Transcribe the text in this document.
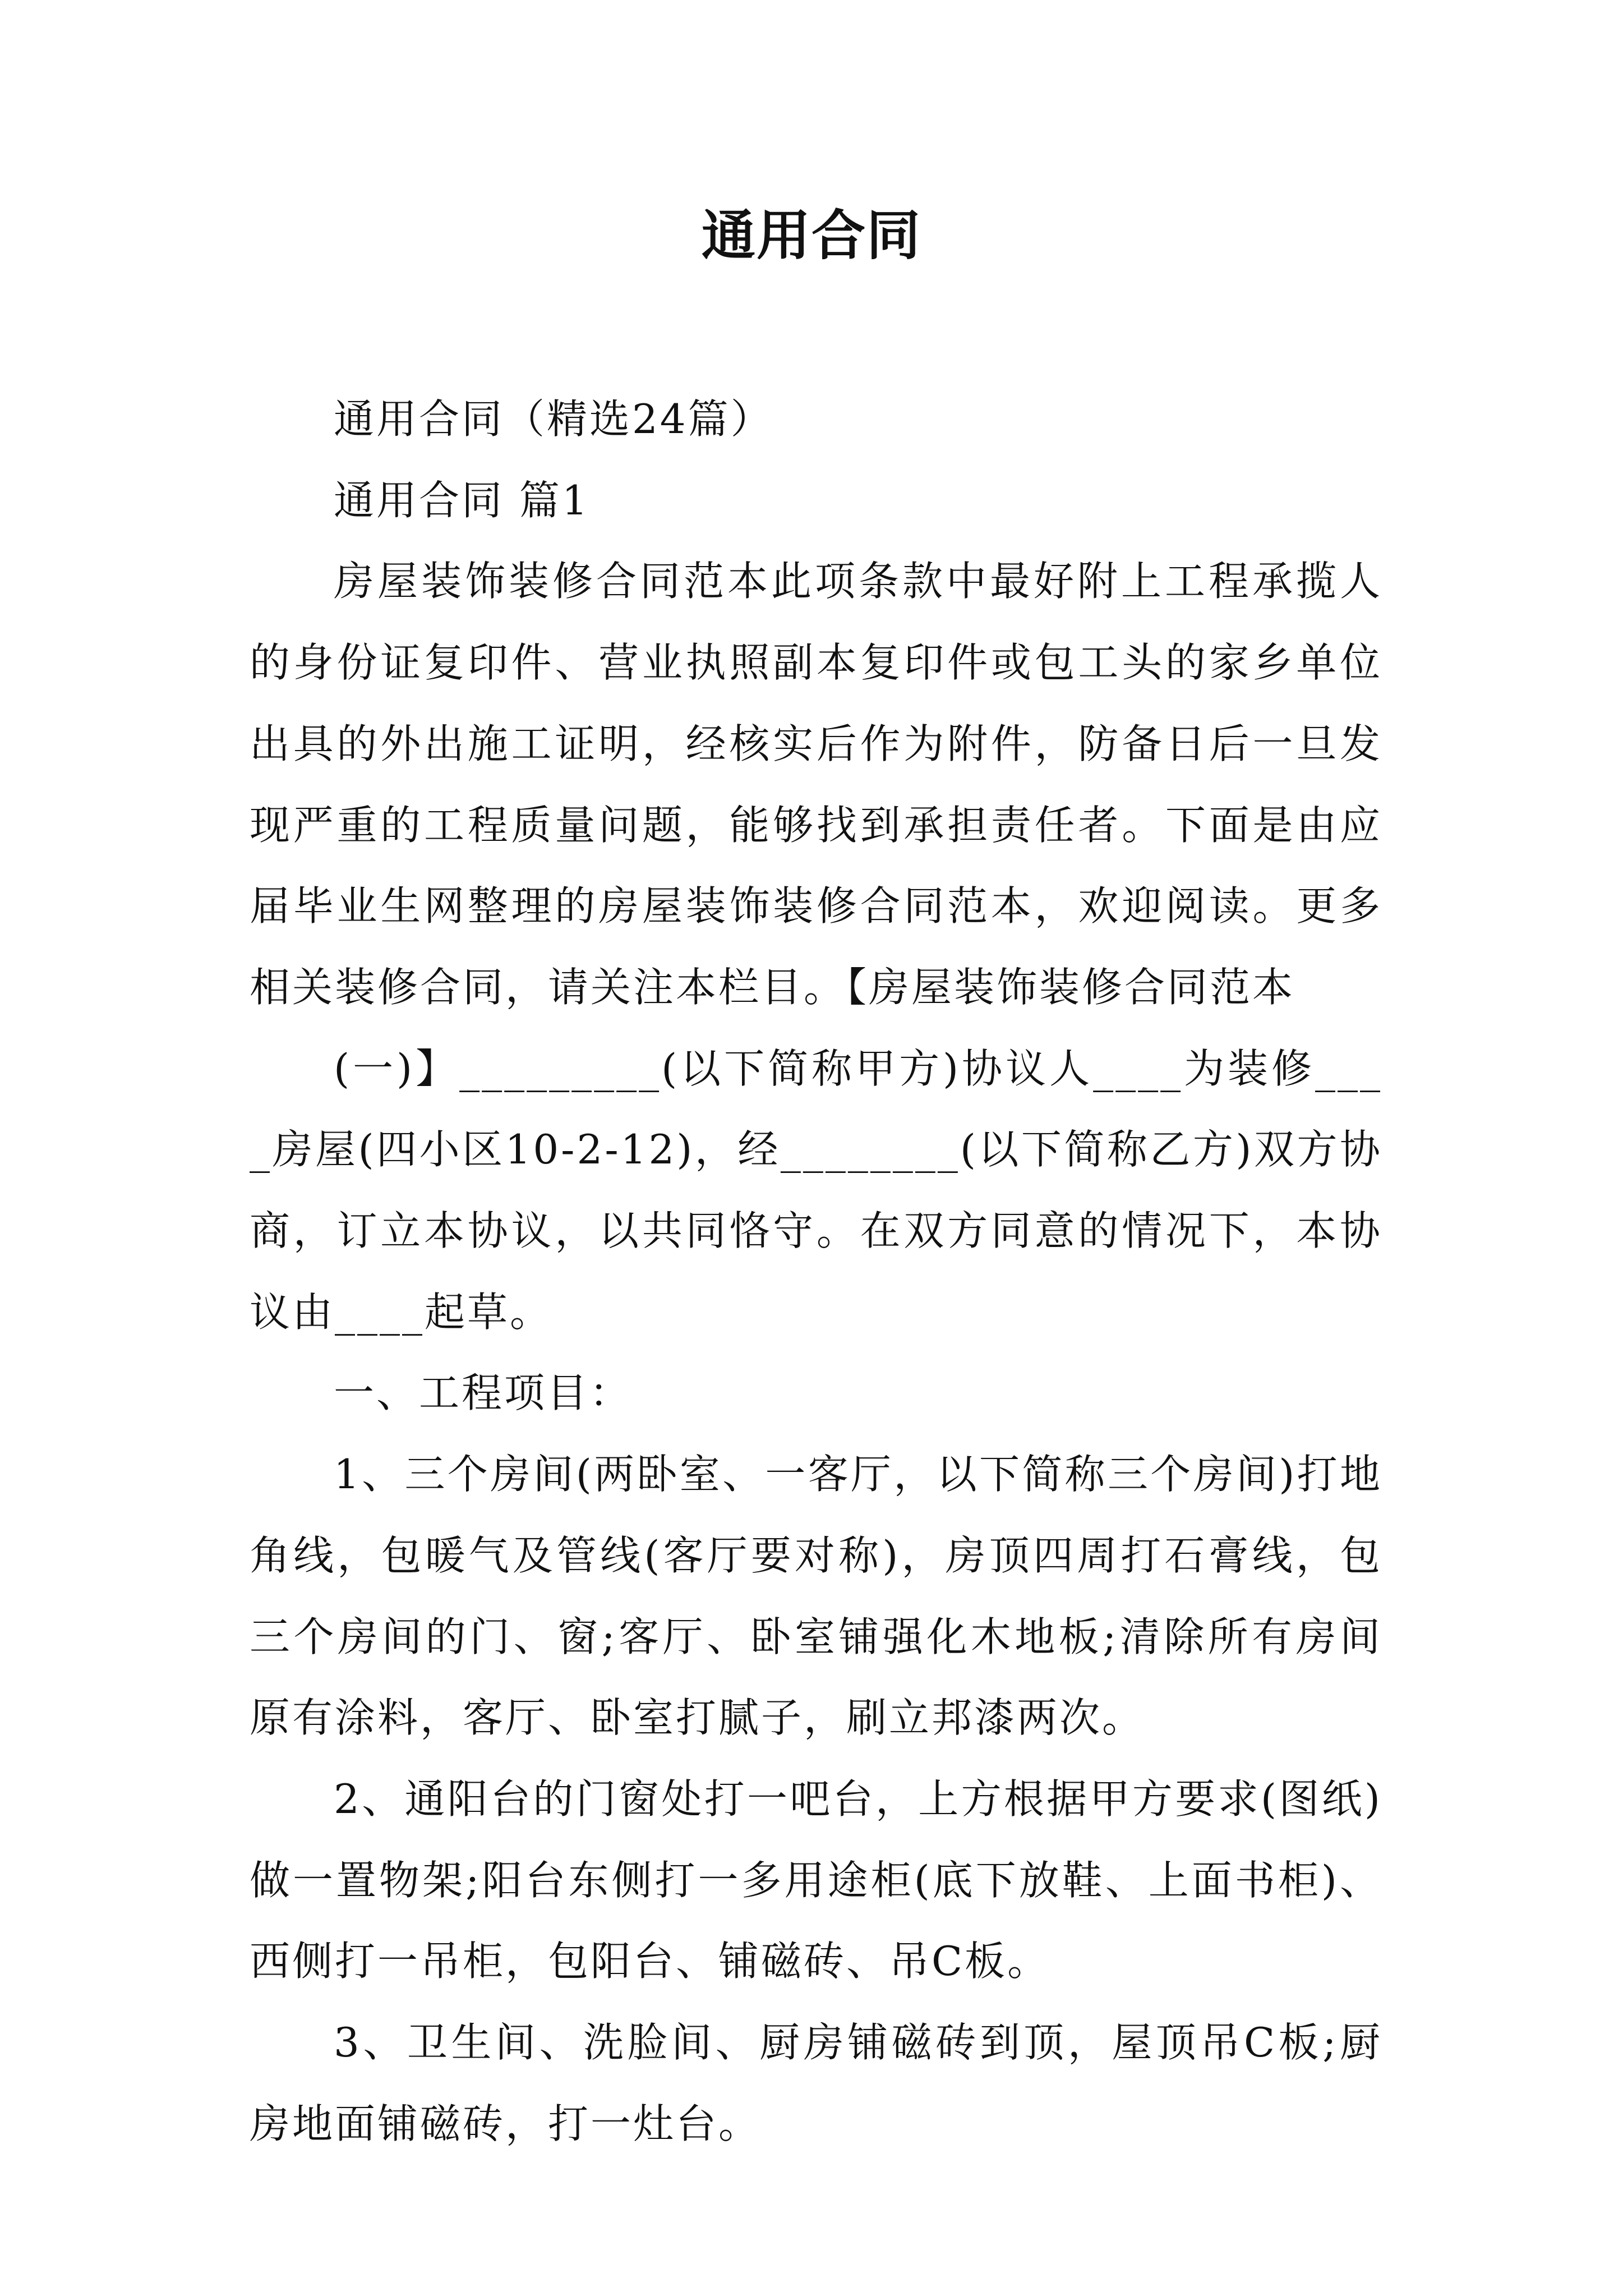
通用合同

通用合同（精选24篇）

通用合同 篇1

房屋装饰装修合同范本此项条款中最好附上工程承揽人的身份证复印件、营业执照副本复印件或包工头的家乡单位出具的外出施工证明，经核实后作为附件，防备日后一旦发现严重的工程质量问题，能够找到承担责任者。下面是由应届毕业生网整理的房屋装饰装修合同范本，欢迎阅读。更多相关装修合同，请关注本栏目。【房屋装饰装修合同范本

(一)】_________(以下简称甲方)协议人____为装修____房屋(四小区10-2-12)，经________(以下简称乙方)双方协商，订立本协议，以共同恪守。在双方同意的情况下，本协议由____起草。

一、工程项目：

1、三个房间(两卧室、一客厅，以下简称三个房间)打地角线，包暖气及管线(客厅要对称)，房顶四周打石膏线，包三个房间的门、窗;客厅、卧室铺强化木地板;清除所有房间原有涂料，客厅、卧室打腻子，刷立邦漆两次。

2、通阳台的门窗处打一吧台，上方根据甲方要求(图纸)做一置物架;阳台东侧打一多用途柜(底下放鞋、上面书柜)、西侧打一吊柜，包阳台、铺磁砖、吊C板。

3、卫生间、洗脸间、厨房铺磁砖到顶，屋顶吊C板;厨房地面铺磁砖，打一灶台。
